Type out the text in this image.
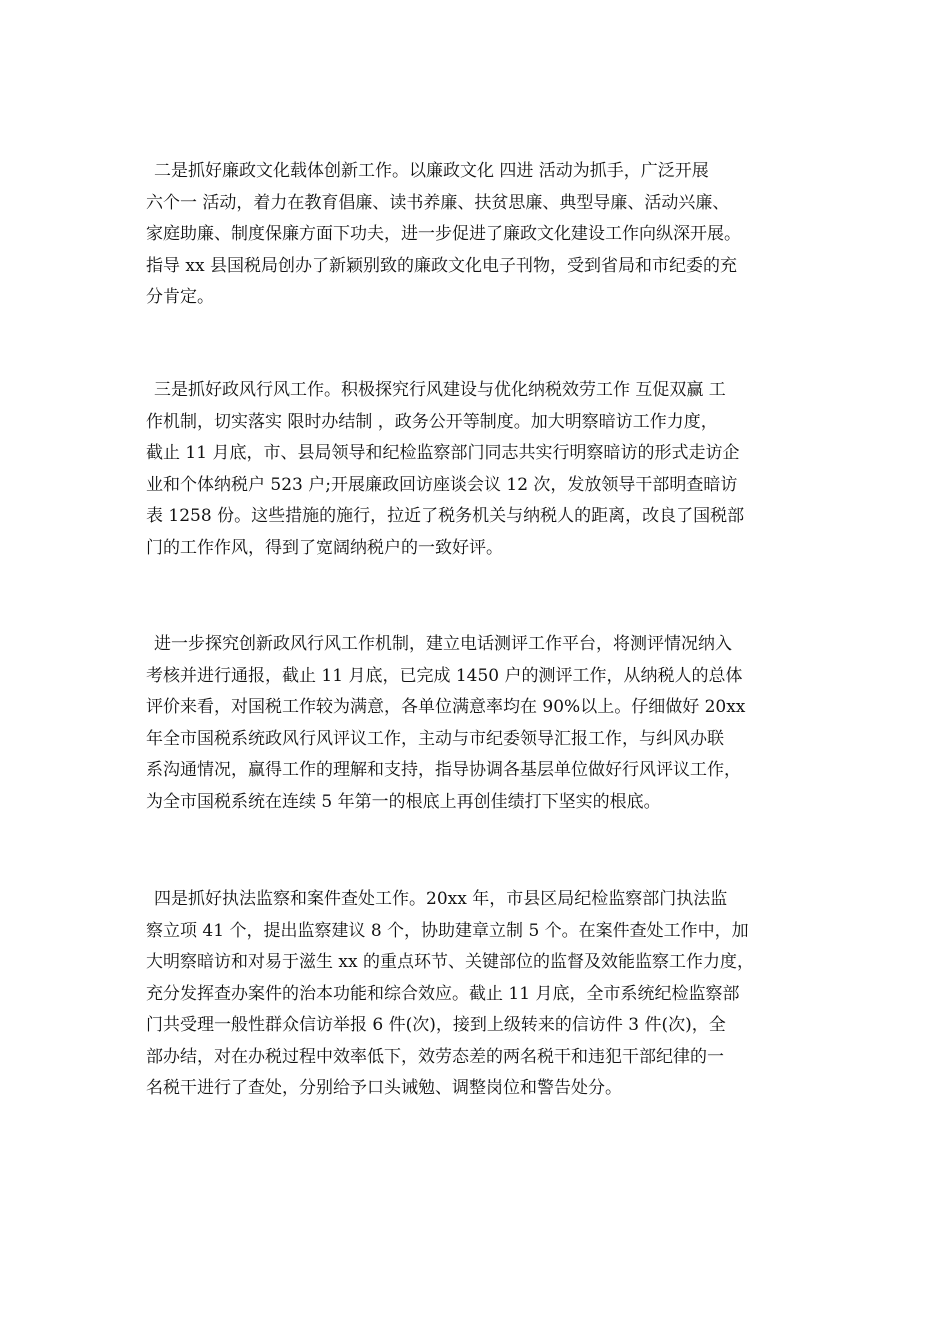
二是抓好廉政文化载体创新工作。以廉政文化 四进 活动为抓手，广泛开展
六个一 活动，着力在教育倡廉、读书养廉、扶贫思廉、典型导廉、活动兴廉、
家庭助廉、制度保廉方面下功夫，进一步促进了廉政文化建设工作向纵深开展。
指导 xx 县国税局创办了新颖别致的廉政文化电子刊物，受到省局和市纪委的充
分肯定。
三是抓好政风行风工作。积极探究行风建设与优化纳税效劳工作 互促双赢 工
作机制，切实落实 限时办结制 ，政务公开等制度。加大明察暗访工作力度，
截止 11 月底，市、县局领导和纪检监察部门同志共实行明察暗访的形式走访企
业和个体纳税户 523 户;开展廉政回访座谈会议 12 次，发放领导干部明查暗访
表 1258 份。这些措施的施行，拉近了税务机关与纳税人的距离，改良了国税部
门的工作作风，得到了宽阔纳税户的一致好评。
进一步探究创新政风行风工作机制，建立电话测评工作平台，将测评情况纳入
考核并进行通报，截止 11 月底，已完成 1450 户的测评工作，从纳税人的总体
评价来看，对国税工作较为满意，各单位满意率均在 90%以上。仔细做好 20xx
年全市国税系统政风行风评议工作，主动与市纪委领导汇报工作，与纠风办联
系沟通情况，赢得工作的理解和支持，指导协调各基层单位做好行风评议工作，
为全市国税系统在连续 5 年第一的根底上再创佳绩打下坚实的根底。
四是抓好执法监察和案件查处工作。20xx 年，市县区局纪检监察部门执法监
察立项 41 个，提出监察建议 8 个，协助建章立制 5 个。在案件查处工作中，加
大明察暗访和对易于滋生 xx 的重点环节、关键部位的监督及效能监察工作力度，
充分发挥查办案件的治本功能和综合效应。截止 11 月底，全市系统纪检监察部
门共受理一般性群众信访举报 6 件(次)，接到上级转来的信访件 3 件(次)，全
部办结，对在办税过程中效率低下，效劳态差的两名税干和违犯干部纪律的一
名税干进行了查处，分别给予口头诫勉、调整岗位和警告处分。
